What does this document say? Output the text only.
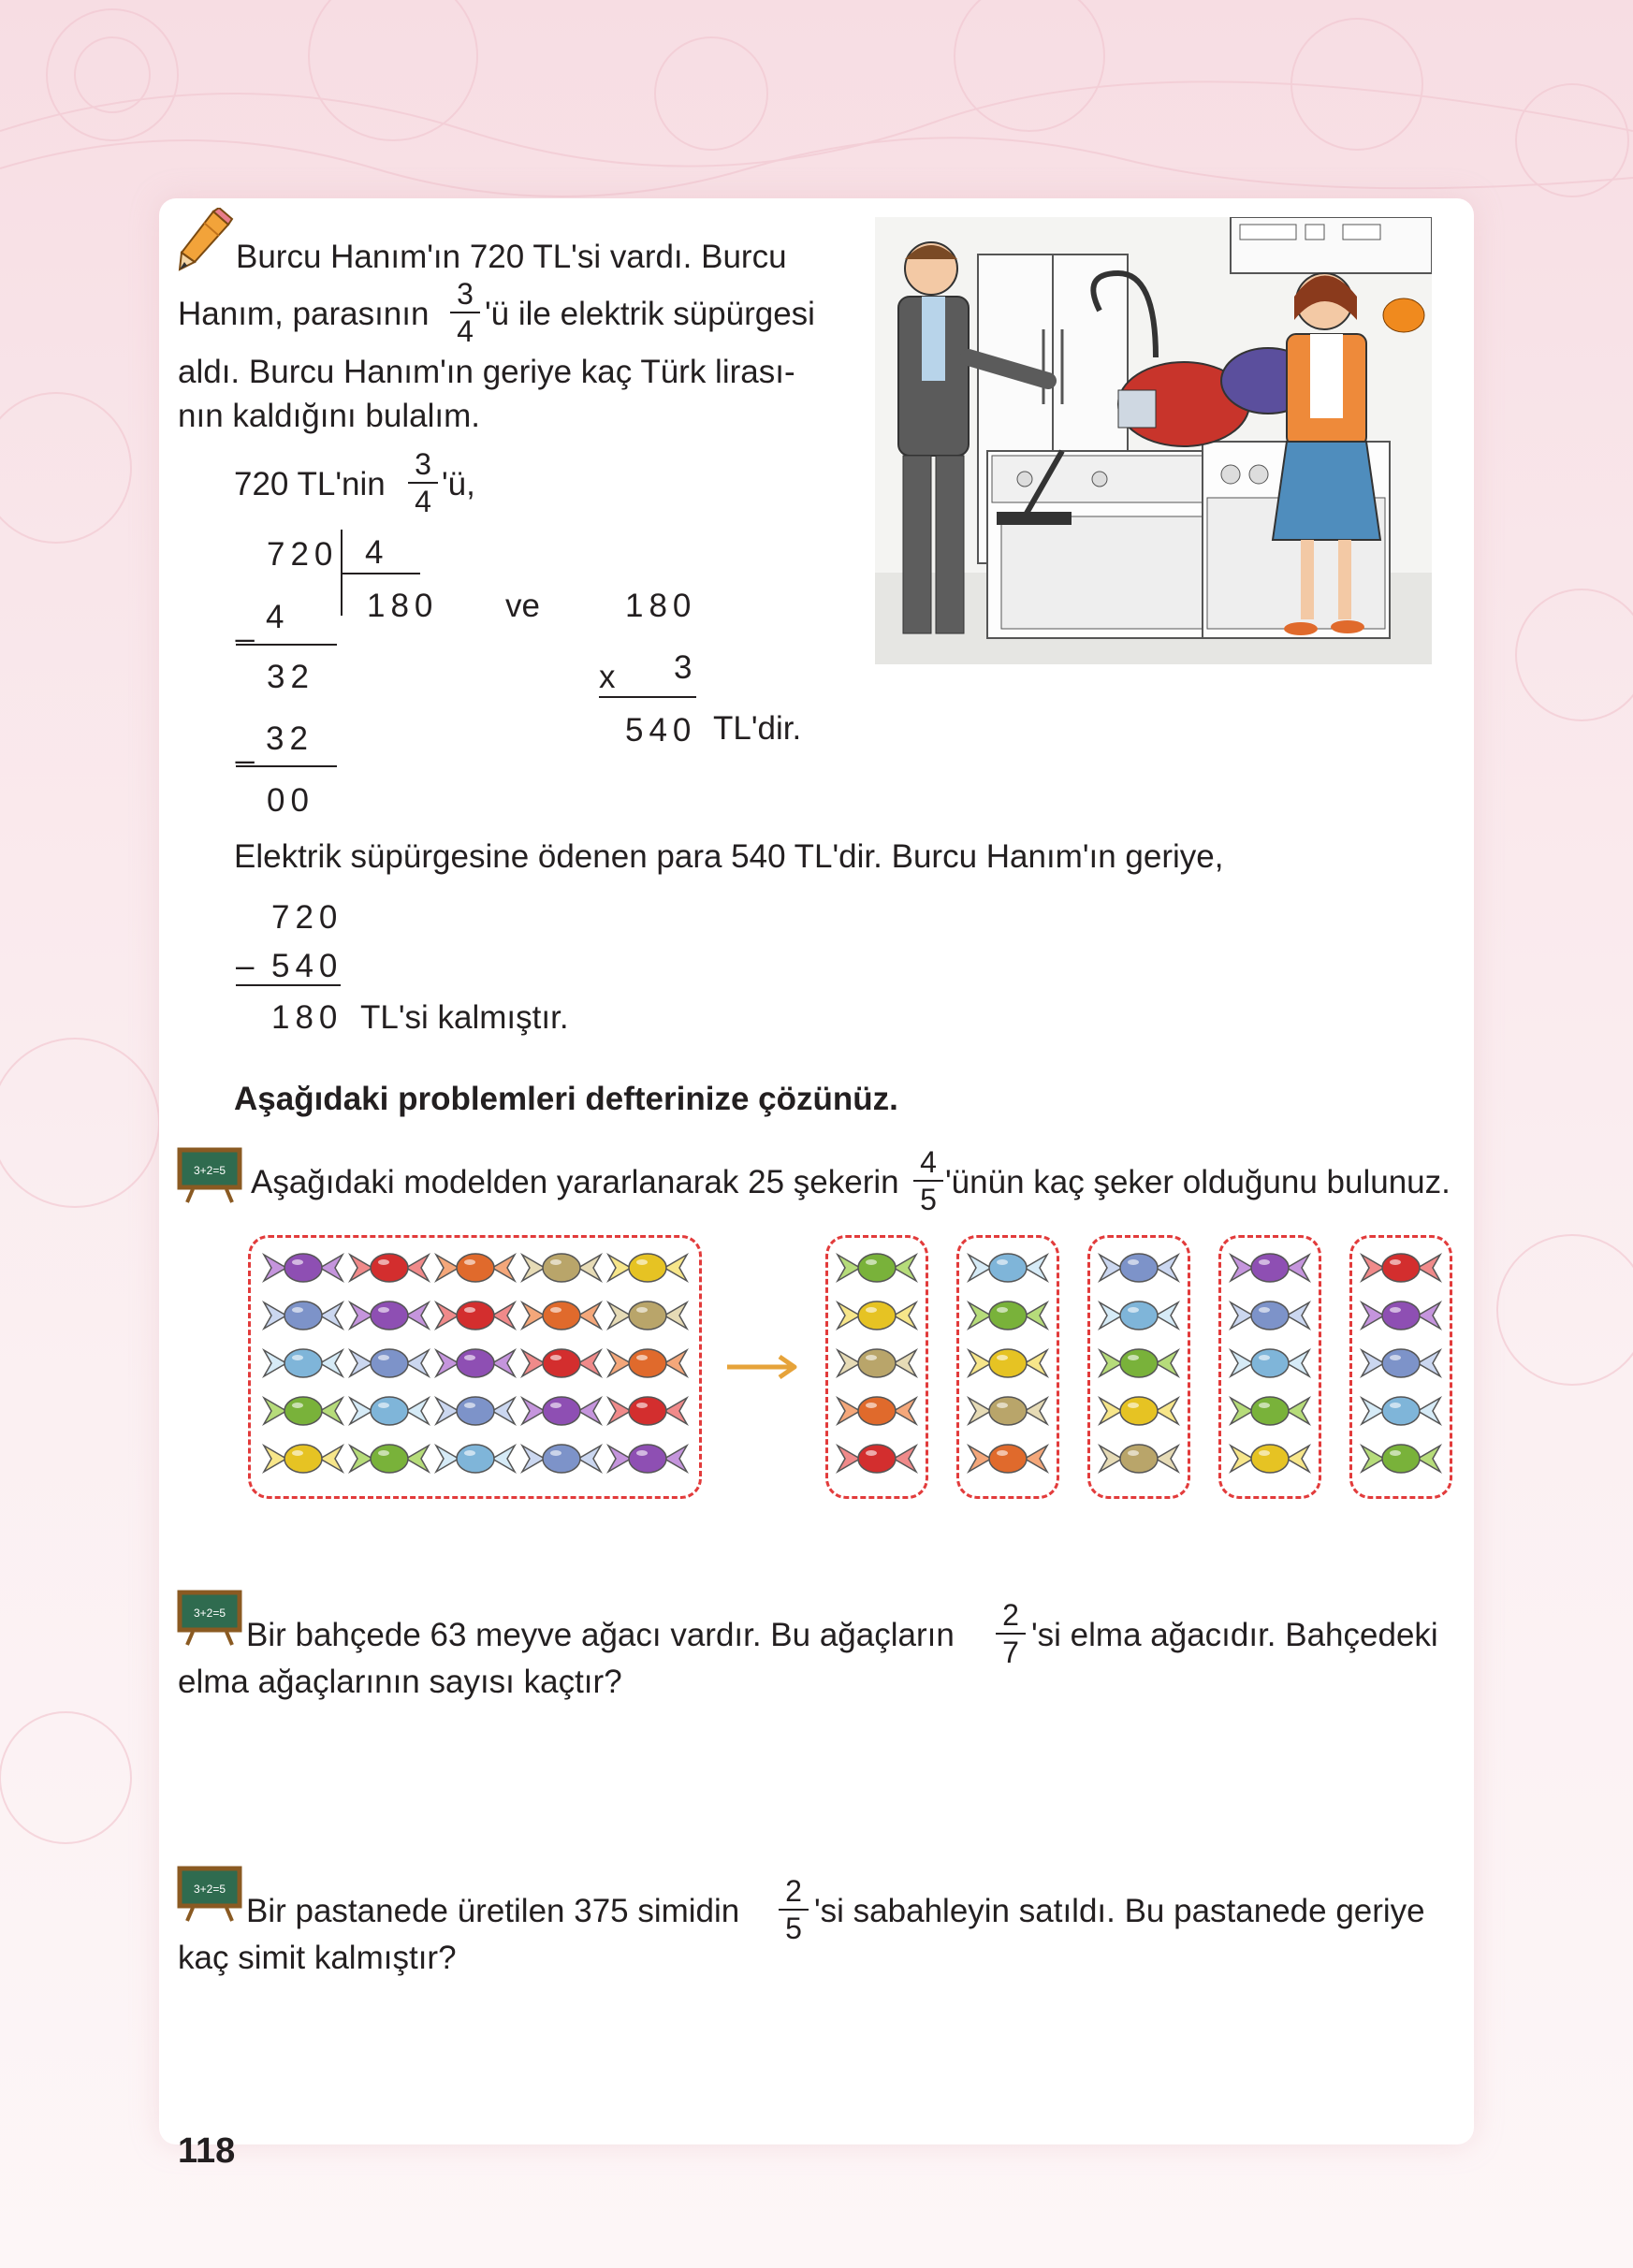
Burcu Hanım'ın 720 TL'si vardı. Burcu
Hanım, parasının
3
4 'ü ile elektrik süpürgesi
aldı. Burcu Hanım'ın geriye kaç Türk lirası-
nın kaldığını bulalım.
720 TL'nin
3
4 'ü,
720 4
180
_ 4
32
_ 32
00
ve	180
x 3
540 TL'dir.
Elektrik süpürgesine ödenen para 540 TL'dir. Burcu Hanım'ın geriye,
720
– 540
180 TL'si kalmıştır.
Aşağıdaki problemleri defterinize çözünüz.
3+2=5 Aşağıdaki modelden yararlanarak 25 şekerin
4
5 'ünün kaç şeker olduğunu bulunuz.
3+2=5
Bir bahçede 63 meyve ağacı vardır. Bu ağaçların
2
7 'si elma ağacıdır. Bahçedeki
elma ağaçlarının sayısı kaçtır?
3+2=5
Bir pastanede üretilen 375 simidin
2
5 'si sabahleyin satıldı. Bu pastanede geriye
kaç simit kalmıştır?
118
